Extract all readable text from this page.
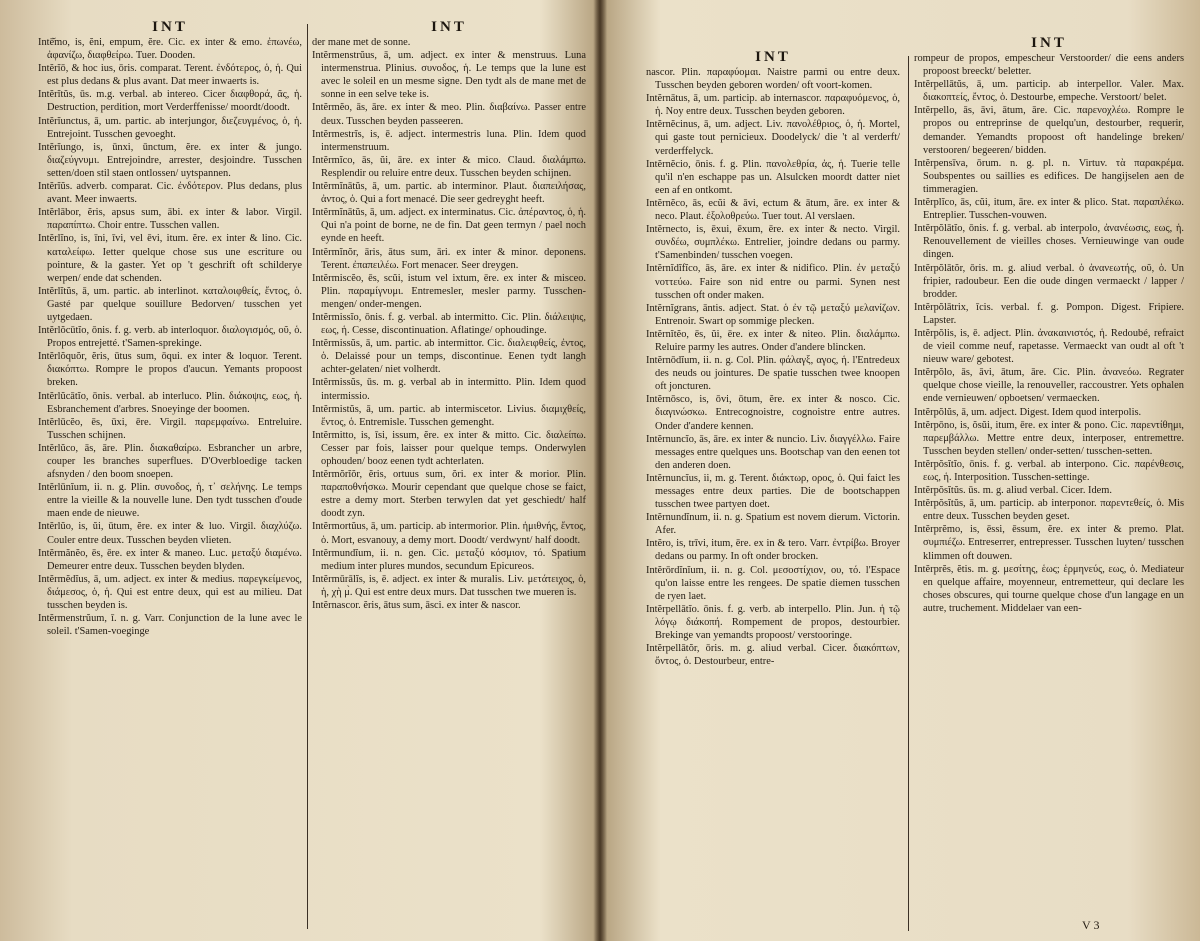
INT

Intē̆mo, is, ĕni, empum, ĕre. Cic. ex inter & emo. ἐπωνέω, ἀφανίζω, διαφθείρω. Tuer. Dooden.

Intĕrĭō, & hoc ius, ōris. comparat. Terent. ἐνδότερος, ὁ, ἡ. Qui est plus dedans & plus avant. Dat meer inwaerts is.

Intĕrĭtŭs, ūs. m.g. verbal. ab intereo. Cicer διαφθορά, ᾶς, ἡ. Destruction, perdition, mort Verderffenisse/ moordt/doodt.

Intĕrĭunctus, ā, um. partic. ab interjungor, διεζευγμένος, ὁ, ἡ. Entrejoint. Tusschen gevoeght.

Intĕrĭungo, is, ūnxi, ūnctum, ĕre. ex inter & jungo. διαζεύγνυμι. Entrejoindre, arrester, desjoindre. Tusschen setten/doen stil staen ontlossen/ uytspannen.

Intĕrĭŭs. adverb. comparat. Cic. ἐνδότερον. Plus dedans, plus avant. Meer inwaerts.

Intĕrlābor, ĕris, apsus sum, ābi. ex inter & labor. Virgil. παραπίπτω. Choir entre. Tusschen vallen.

Intĕrlĭno, is, īni, īvi, vel ēvi, itum. ĕre. ex inter & lino. Cic. καταλείφω. Ietter quelque chose sus une escriture ou pointure, & la gaster. Yet op 't geschrift oft schilderye werpen/ ende dat schenden.

Intĕrlĭtŭs, ā, um. partic. ab interlinot. καταλοιφθείς, ἔντος, ὁ. Gasté par quelque souillure Bedorven/ tusschen yet uytgedaen.

Intĕrlŏcūtĭo, ōnis. f. g. verb. ab interloquor. διαλογισμός, οῦ, ὁ. Propos entrejetté. t'Samen-sprekinge.

Intĕrlŏquŏr, ĕris, ūtus sum, ōqui. ex inter & loquor. Terent. διακόπτω. Rompre le propos d'aucun. Yemants propoost breken.

Intĕrlŭcātĭo, ōnis. verbal. ab interluco. Plin. διάκοψις, εως, ἡ. Esbranchement d'arbres. Snoeyinge der boomen.

Intĕrlūcĕo, ēs, ūxi, ēre. Virgil. παρεμφαίνω. Entreluire. Tusschen schijnen.

Intĕrlŭco, ās, āre. Plin. διακαθαίρω. Esbrancher un arbre, couper les branches superflues. D'Overbloedige tacken afsnyden / den boom snoepen.

Intĕrlūnĭum, ii. n. g. Plin. συνοδος, ἡ, τ᾽ σελήνης. Le temps entre la vieille & la nouvelle lune. Den tydt tusschen d'oude maen ende de nieuwe.

Intĕrlŭo, is, ŭi, ūtum, ĕre. ex inter & luo. Virgil. διαχλύζω. Couler entre deux. Tusschen beyden vlieten.

Intĕrmănĕo, ēs, ēre. ex inter & maneo. Luc. μεταξύ διαμένω. Demeurer entre deux. Tusschen beyden blyden.

Intĕrmĕdĭus, ā, um. adject. ex inter & medius. παρεγκείμενος, διάμεσος, ὁ, ἡ. Qui est entre deux, qui est au milieu. Dat tusschen beyden is.

Intĕrmenstrŭum, ī. n. g. Varr. Conjunction de la lune avec le soleil. t'Samen-voeginge

INT

der mane met de sonne.

Intĕrmenstrŭus, ā, um. adject. ex inter & menstruus. Luna intermenstrua. Plinius. συνοδος, ἡ. Le temps que la lune est avec le soleil en un mesme signe. Den tydt als de mane met de sonne in een selve teke is.

Intĕrmĕo, ās, āre. ex inter & meo. Plin. διαβαίνω. Passer entre deux. Tusschen beyden passeeren.

Intĕrmestrĭs, is, ē. adject. intermestris luna. Plin. Idem quod intermenstruum.

Intĕrmĭco, ās, ŭi, āre. ex inter & mico. Claud. διαλάμπω. Resplendir ou reluire entre deux. Tusschen beyden schijnen.

Intĕrmĭnātŭs, ā, um. partic. ab interminor. Plaut. διαπειλήσας, ἀντος, ὁ. Qui a fort menacé. Die seer gedreyght heeft.

Intĕrmĭnātŭs, ā, um. adject. ex interminatus. Cic. ἀπέραντος, ὁ, ἡ. Qui n'a point de borne, ne de fin. Dat geen termyn / pael noch eynde en heeft.

Intĕrmĭnŏr, āris, ātus sum, āri. ex inter & minor. deponens. Terent. ἐπαπειλέω. Fort menacer. Seer dreygen.

Intĕrmiscĕo, ēs, scŭi, istum vel ixtum, ēre. ex inter & misceo. Plin. παραμίγνυμι. Entremesler, mesler parmy. Tusschen-mengen/ onder-mengen.

Intĕrmissĭo, ōnis. f. g. verbal. ab intermitto. Cic. Plin. διάλειψις, εως, ἡ. Cesse, discontinuation. Aflatinge/ ophoudinge.

Intĕrmissŭs, ā, um. partic. ab intermittor. Cic. διαλειφθείς, ἐντος, ὁ. Delaissé pour un temps, discontinue. Eenen tydt langh achter-gelaten/ niet volherdt.

Intĕrmissŭs, ūs. m. g. verbal ab in intermitto. Plin. Idem quod intermissio.

Intĕrmistŭs, ā, um. partic. ab intermiscetor. Livius. διαμιχθείς, ἔντος, ὁ. Entremisle. Tusschen gemenght.

Intĕrmitto, is, īsi, issum, ĕre. ex inter & mitto. Cic. διαλείπω. Cesser par fois, laisser pour quelque temps. Onderwylen ophouden/ booz eenen tydt achterlaten.

Intĕrmŏrĭŏr, ĕris, ortuus sum, ŏri. ex inter & morior. Plin. παραποθνήσκω. Mourir cependant que quelque chose se faict, estre a demy mort. Sterben terwylen dat yet geschiedt/ half doodt zyn.

Intĕrmortŭus, ā, um. particip. ab intermorior. Plin. ἡμιθνής, ἔντος, ὁ. Mort, esvanouy, a demy mort. Doodt/ verdwynt/ half doodt.

Intĕrmundĭum, ii. n. gen. Cic. μεταξύ κόσμιον, τό. Spatium medium inter plures mundos, secundum Epicureos.

Intĕrmūrālĭs, is, ē. adject. ex inter & muralis. Liv. μετάτειχος, ὁ, ἡ, χὴ μ̀. Qui est entre deux murs. Dat tusschen twe mueren is.

Intĕrnascor. ĕris, ātus sum, āsci. ex inter & nascor.

INT

nascor. Plin. παραφύομαι. Naistre parmi ou entre deux. Tusschen beyden geboren worden/ oft voort-komen.

Intĕrnātus, ā, um. particip. ab internascor. παραφυόμενος, ὁ, ἡ. Noy entre deux. Tusschen beyden geboren.

Intĕrnĕcinus, ā, um. adject. Liv. πανολέθριος, ὁ, ἡ. Mortel, qui gaste tout pernicieux. Doodelyck/ die 't al verderft/ verderffelyck.

Intĕrnĕcio, ōnis. f. g. Plin. πανολεθρία, ἀς, ἡ. Tuerie telle qu'il n'en eschappe pas un. Alsulcken moordt datter niet een af en ontkomt.

Intĕrnĕco, ās, ecŭi & āvi, ectum & ātum, āre. ex inter & neco. Plaut. ἐξολοθρεύω. Tuer tout. Al verslaen.

Intĕrnecto, is, ēxui, ēxum, ēre. ex inter & necto. Virgil. συνδέω, συμπλέκω. Entrelier, joindre dedans ou parmy. t'Samenbinden/ tusschen voegen.

Intĕrnĭdĭfĭco, ās, āre. ex inter & nidifico. Plin. ἐν μεταξύ νοττεύω. Faire son nid entre ou parmi. Synen nest tusschen oft onder maken.

Intĕrnĭgrans, āntis. adject. Stat. ὁ ἐν τῷ μεταξύ μελανίζων. Entrenoir. Swart op sommige plecken.

Intĕrnĭtĕo, ēs, ŭi, ēre. ex inter & niteo. Plin. διαλάμπω. Reluire parmy les autres. Onder d'andere blincken.

Intĕrnōdĭum, ii. n. g. Col. Plin. φάλαγξ, αγος, ἡ. l'Entredeux des neuds ou jointures. De spatie tusschen twee knoopen oft joncturen.

Intĕrnōsco, is, ōvi, ōtum, ĕre. ex inter & nosco. Cic. διαγινώσκω. Entrecognoistre, cognoistre entre autres. Onder d'andere kennen.

Intĕrnuncĭo, ās, āre. ex inter & nuncio. Liv. διαγγέλλω. Faire messages entre quelques uns. Bootschap van den eenen tot den anderen doen.

Intĕrnuncĭus, ii, m. g. Terent. διάκτωρ, ορος, ὁ. Qui faict les messages entre deux parties. Die de bootschappen tusschen twee partyen doet.

Intĕrnundĭnum, ii. n. g. Spatium est novem dierum. Victorin. Afer.

Intĕro, is, trīvi, itum, ēre. ex in & tero. Varr. ἐντρίβω. Broyer dedans ou parmy. In oft onder brocken.

Intĕrōrdĭnĭum, ii. n. g. Col. μεσοστίχιον, ου, τό. l'Espace qu'on laisse entre les rengees. De spatie diemen tusschen de ryen laet.

Intĕrpellātĭo. ōnis. f. g. verb. ab interpello. Plin. Jun. ἡ τῷ λόγῳ διάκοπή. Rompement de propos, destourbier. Brekinge van yemandts propoost/ verstooringe.

Intĕrpellātŏr, ōris. m. g. aliud verbal. Cicer. διακόπτων, ὄντος, ὁ. Destourbeur, entre-

INT

rompeur de propos, empescheur Verstoorder/ die eens anders propoost breeckt/ beletter.

Intĕrpellātŭs, ā, um. particip. ab interpellor. Valer. Max. διακοπτείς, ἔντος, ὁ. Destourbe, empeche. Verstoort/ belet.

Intĕrpello, ās, āvi, ātum, āre. Cic. παρενοχλέω. Rompre le propos ou entreprinse de quelqu'un, destourber, requerir, demander. Yemandts propoost oft handelinge breken/ verstooren/ begeeren/ bidden.

Intĕrpensīva, ōrum. n. g. pl. n. Virtuv. τὰ παρακρέμα. Soubspentes ou saillies es edifices. De hangijselen aen de timmeragien.

Intĕrplĭco, ās, cŭi, itum, āre. ex inter & plico. Stat. παραπλέκω. Entreplier. Tusschen-vouwen.

Intĕrpŏlātĭo, ōnis. f. g. verbal. ab interpolo, ἀνανέωσις, εως, ἡ. Renouvellement de vieilles choses. Vernieuwinge van oude dingen.

Intĕrpŏlātŏr, ōris. m. g. aliud verbal. ὁ ἀνανεωτής, οῦ, ὁ. Un fripier, radoubeur. Een die oude dingen vermaeckt / lapper / brodder.

Intĕrpŏlātrix, īcis. verbal. f. g. Pompon. Digest. Fripiere. Lapster.

Intĕrpŏlis, is, ē. adject. Plin. ἀνακαινιστός, ἡ. Redoubé, refraict de vieil comme neuf, rapetasse. Vermaeckt van oudt al oft 't nieuw ware/ gebotest.

Intĕrpŏlo, ās, āvi, ātum, āre. Cic. Plin. ἀνανεόω. Regrater quelque chose vieille, la renouveller, raccoustrer. Yets ophalen ende vernieuwen/ opboetsen/ vermaecken.

Intĕrpŏlŭs, ā, um. adject. Digest. Idem quod interpolis.

Intĕrpōno, is, ŏsŭi, itum, ēre. ex inter & pono. Cic. παρεντίθημι, παρεμβάλλω. Mettre entre deux, interposer, entremettre. Tusschen beyden stellen/ onder-setten/ tusschen-setten.

Intĕrpŏsĭtĭo, ōnis. f. g. verbal. ab interpono. Cic. παρένθεσις, εως, ἡ. Interposition. Tusschen-settinge.

Intĕrpŏsĭtŭs. ūs. m. g. aliud verbal. Cicer. Idem.

Intĕrpŏsĭtŭs, ā, um. particip. ab interponor. παρεντεθείς, ὁ. Mis entre deux. Tusschen beyden geset.

Intĕrprĕmo, is, ēssi, ēssum, ĕre. ex inter & premo. Plat. συμπιέζω. Entreserrer, entrepresser. Tusschen luyten/ tusschen klimmen oft douwen.

Intĕrprĕs, ĕtis. m. g. μεσίτης, ἑως; ἑρμηνεύς, εως, ὁ. Mediateur en quelque affaire, moyenneur, entremetteur, qui declare les choses obscures, qui tourne quelque chose d'un langage en un autre, truchement. Middelaer van een-

V 3
